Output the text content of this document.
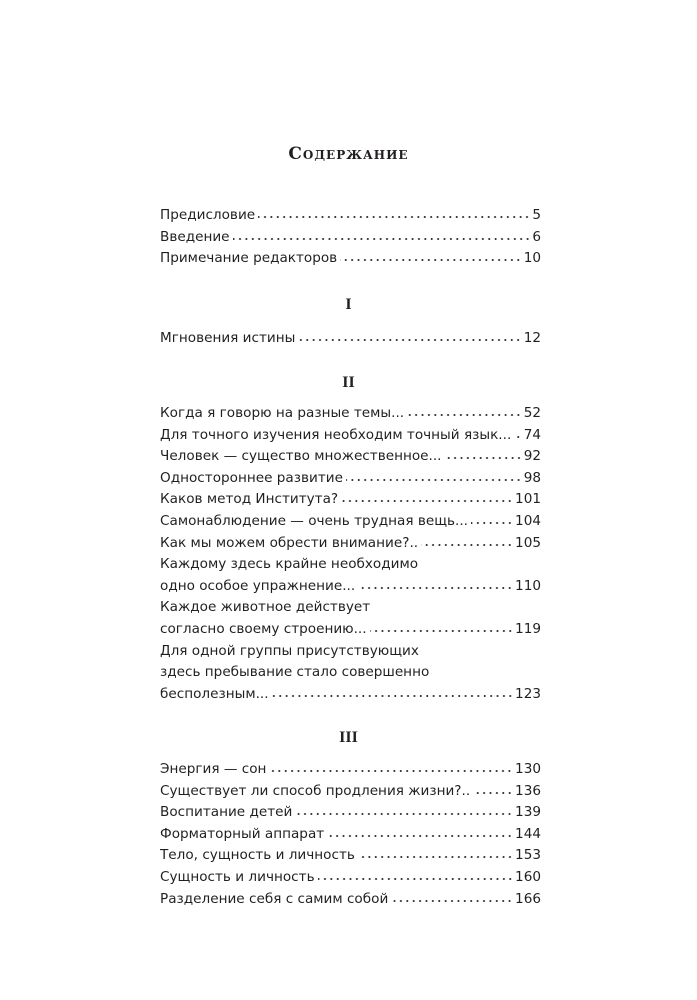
Содержание
Предисловие	5
Введение	6
Примечание редакторов	10
I
Мгновения истины	12
II
Когда я говорю на разные темы...	52
Для точного изучения необходим точный язык... 74
Человек — существо множественное...	92
Одностороннее развитие	98
Каков метод Института?	101
Самонаблюдение — очень трудная вещь...	104
Как мы можем обрести внимание?..	105
Каждому здесь крайне необходимо
одно особое упражнение...	110
Каждое животное действует
согласно своему строению...	119
Для одной группы присутствующих
здесь пребывание стало совершенно
бесполезным...	123
III
Энергия — сон	130
Существует ли способ продления жизни?..	136
Воспитание детей	139
Форматорный аппарат	144
Тело, сущность и личность	153
Сущность и личность	160
Разделение себя с самим собой	166
